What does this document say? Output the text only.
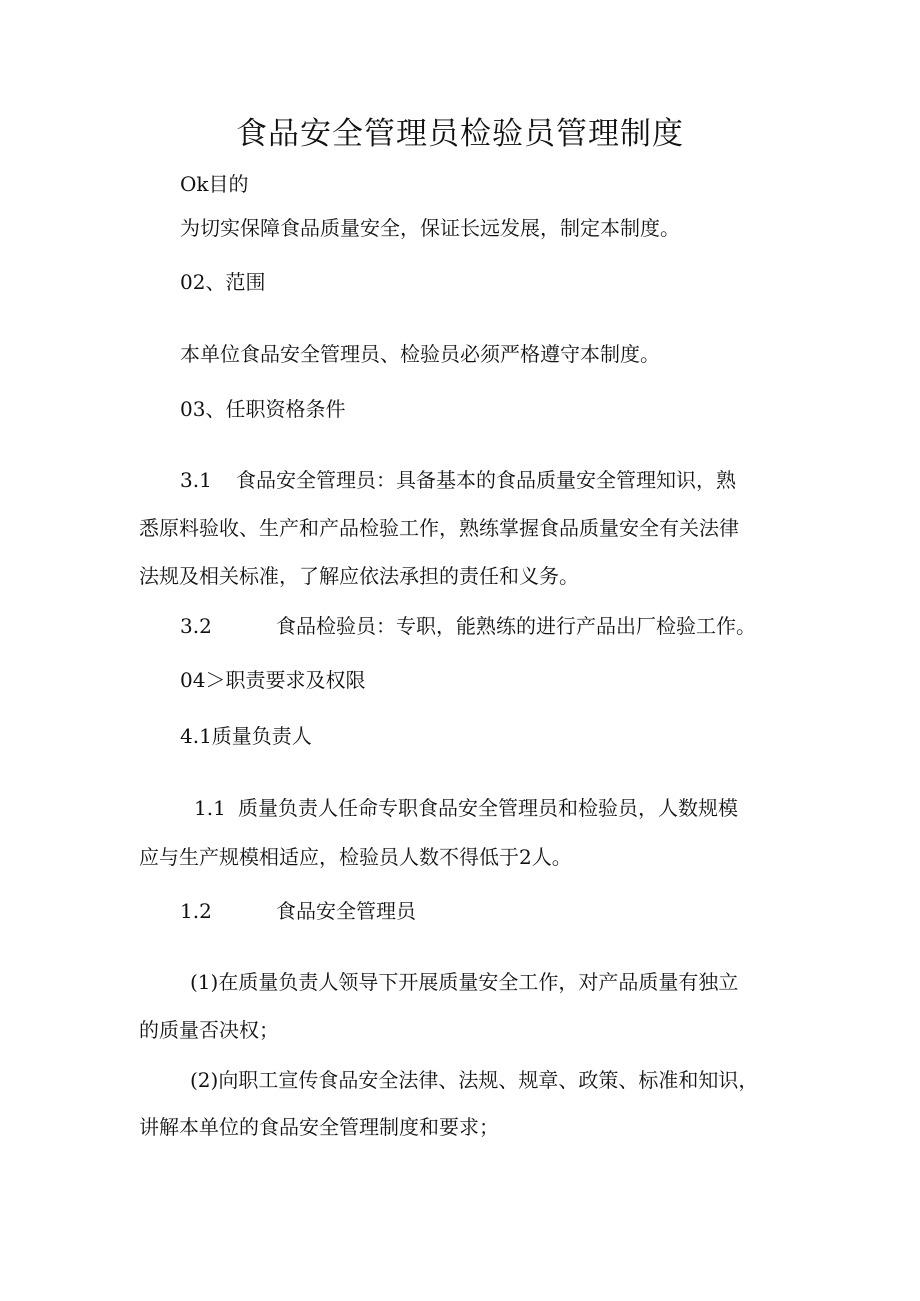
食品安全管理员检验员管理制度
Ok目的
为切实保障食品质量安全，保证长远发展，制定本制度。
02、范围
本单位食品安全管理员、检验员必须严格遵守本制度。
03、任职资格条件
3.1 食品安全管理员：具备基本的食品质量安全管理知识，熟
悉原料验收、生产和产品检验工作，熟练掌握食品质量安全有关法律
法规及相关标准，了解应依法承担的责任和义务。
3.2	食品检验员：专职，能熟练的进行产品出厂检验工作。
04＞职责要求及权限
4.1质量负责人
1.1 质量负责人任命专职食品安全管理员和检验员，人数规模
应与生产规模相适应，检验员人数不得低于2人。
1.2	食品安全管理员
(1)在质量负责人领导下开展质量安全工作，对产品质量有独立
的质量否决权；
(2)向职工宣传食品安全法律、法规、规章、政策、标准和知识，
讲解本单位的食品安全管理制度和要求；
